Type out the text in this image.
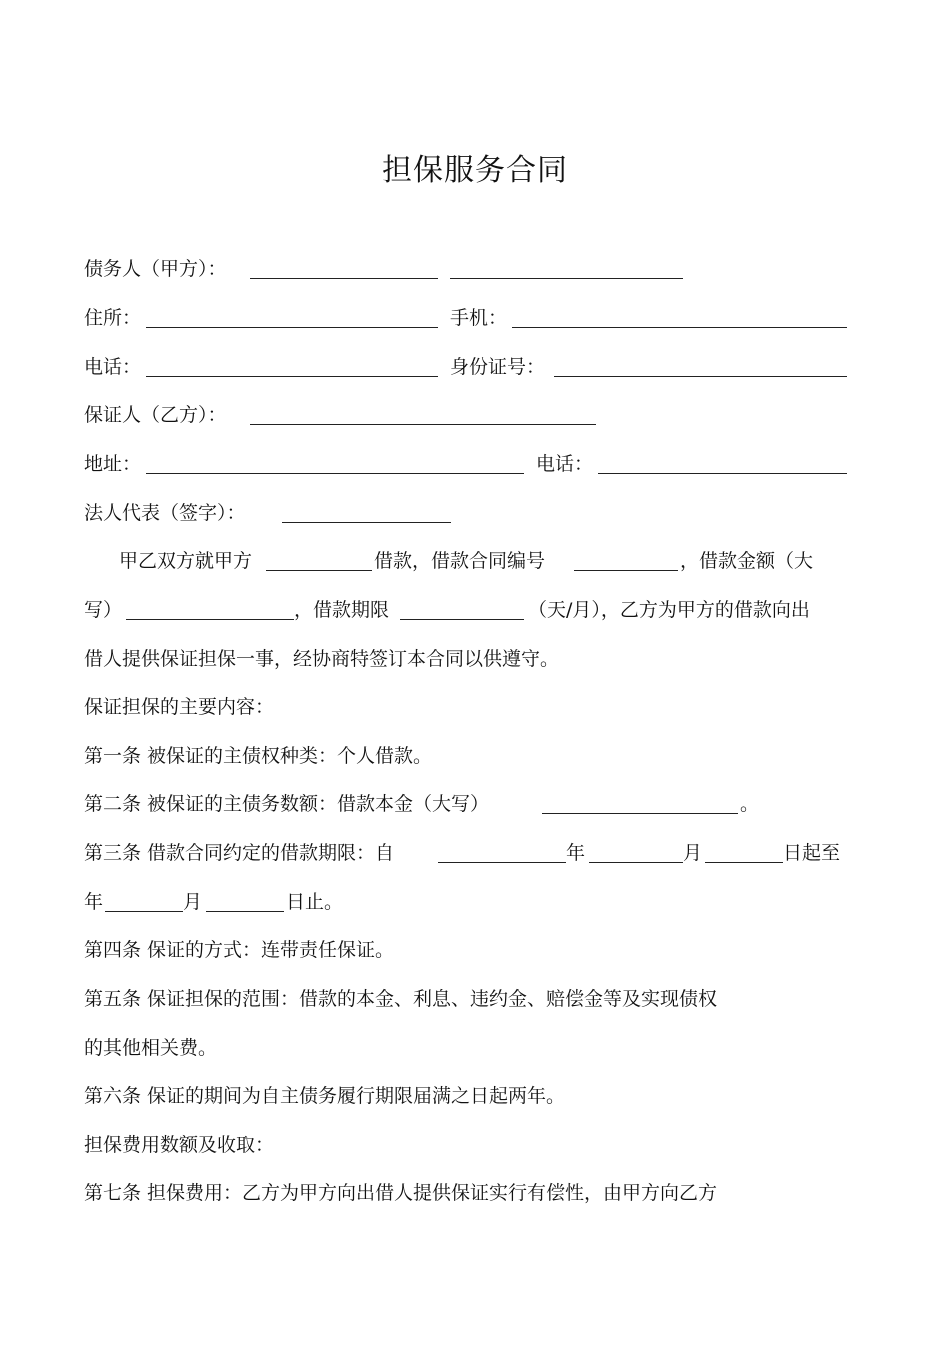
担保服务合同
债务人（甲方）：
住所：	手机：
电话：	身份证号：
保证人（乙方）：
地址：	电话：
法人代表（签字）：
甲乙双方就甲方	借款，借款合同编号	，借款金额（大
写）	，借款期限	（天/月），乙方为甲方的借款向出
借人提供保证担保一事，经协商特签订本合同以供遵守。
保证担保的主要内容：
第一条 被保证的主债权种类：个人借款。
第二条 被保证的主债务数额：借款本金（大写）	。
第三条 借款合同约定的借款期限：自	年	月	日起至
年	月	日止。
第四条 保证的方式：连带责任保证。
第五条 保证担保的范围：借款的本金、利息、违约金、赔偿金等及实现债权
的其他相关费。
第六条 保证的期间为自主债务履行期限届满之日起两年。
担保费用数额及收取：
第七条 担保费用：乙方为甲方向出借人提供保证实行有偿性，由甲方向乙方
